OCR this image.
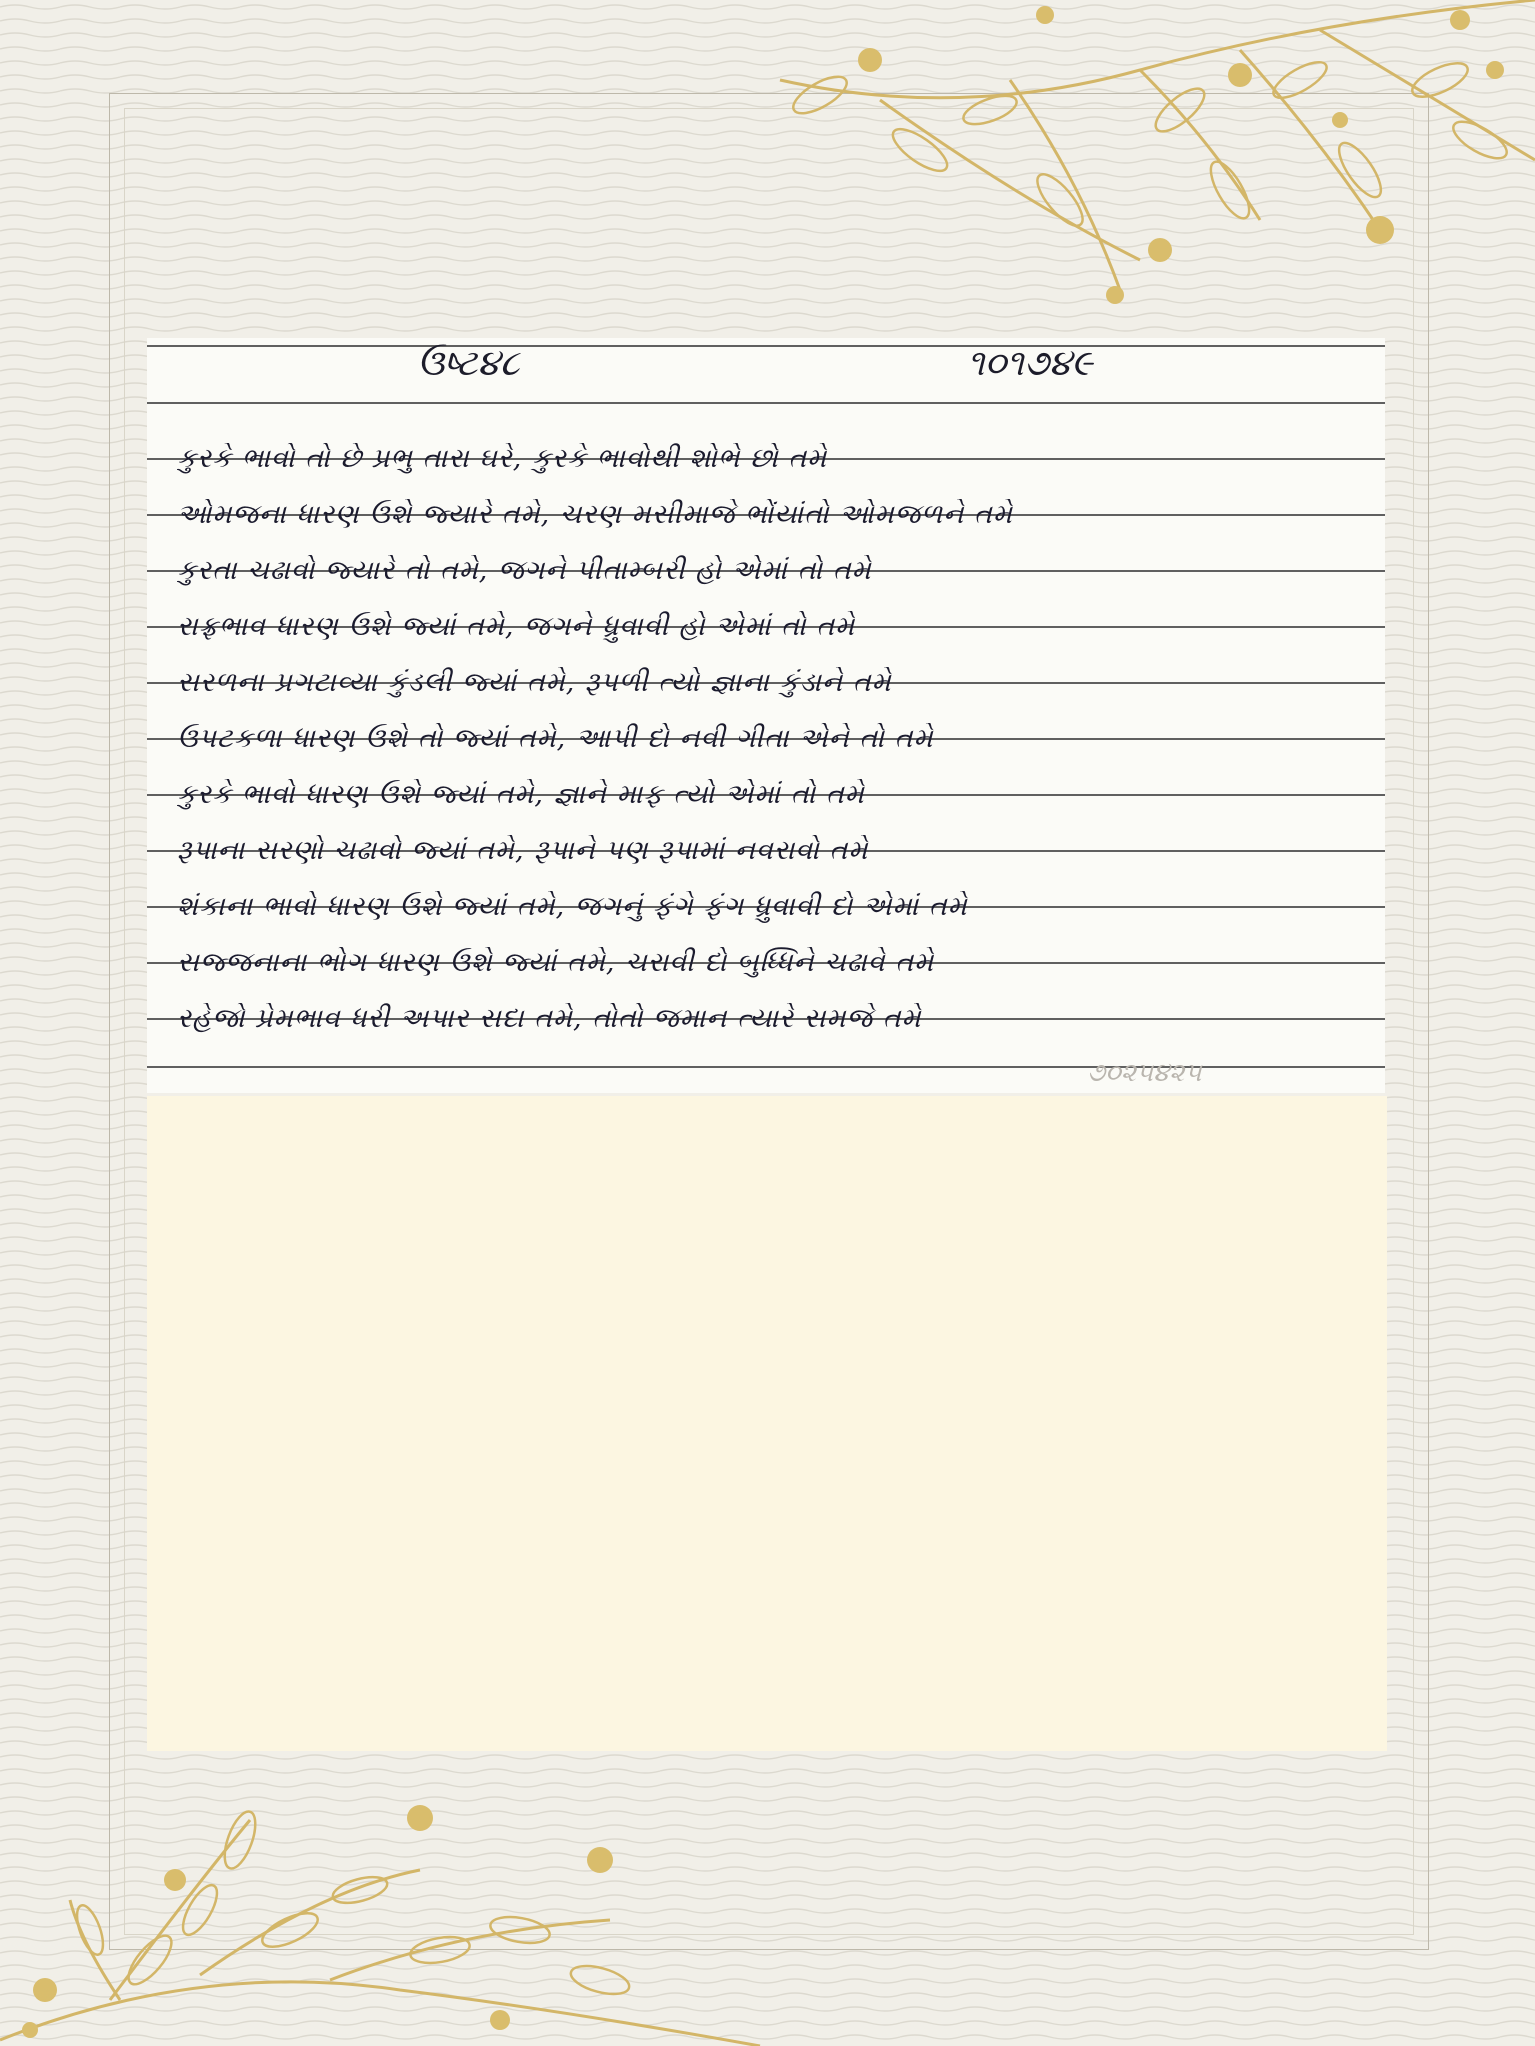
ઉષ્ટ૪૮	૧૦૧૭૪૯
કુરકે ભાવો તો છે પ્રભુ તારા ઘરે, કુરકે ભાવોથી શોભે છો તમે
ઓમજના ધારણ ઉશે જ્યારે તમે, ચરણ મસીમાજે ભોંયાંતો ઓમજળને તમે
કુરતા ચઢાવો જ્યારે તો તમે, જગને પીતામ્બરી હો એમાં તો તમે
રાફ્રભાવ ધારણ ઉશે જ્યાં તમે, જગને ધ્રુવાવી હો એમાં તો તમે
સરળના પ્રગટાવ્યા કુંડલી જ્યાં તમે, રૂપળી ત્યો જ્ઞાના કુંડાને તમે
ઉપટકળા ધારણ ઉશે તો જ્યાં તમે, આપી દો નવી ગીતા એને તો તમે
કુરકે ભાવો ધારણ ઉશે જ્યાં તમે, જ્ઞાને માફ ત્યો એમાં તો તમે
રૂપાના સરણો ચઢાવો જ્યાં તમે, રૂપાને પણ રૂપામાં નવરાવો તમે
શંકાના ભાવો ધારણ ઉશે જ્યાં તમે, જગનું ફંગે ફંગ ધ્રુવાવી દો એમાં તમે
સજ્જનાના ભોગ ધારણ ઉશે જ્યાં તમે, ચરાવી દો બુધ્ધિને ચઢાવે તમે
રહેજો પ્રેમભાવ ધરી અપાર સદા તમે, તોતો જમાન ત્યારે સમજે તમે
૭૦૨૫૪૨૫
